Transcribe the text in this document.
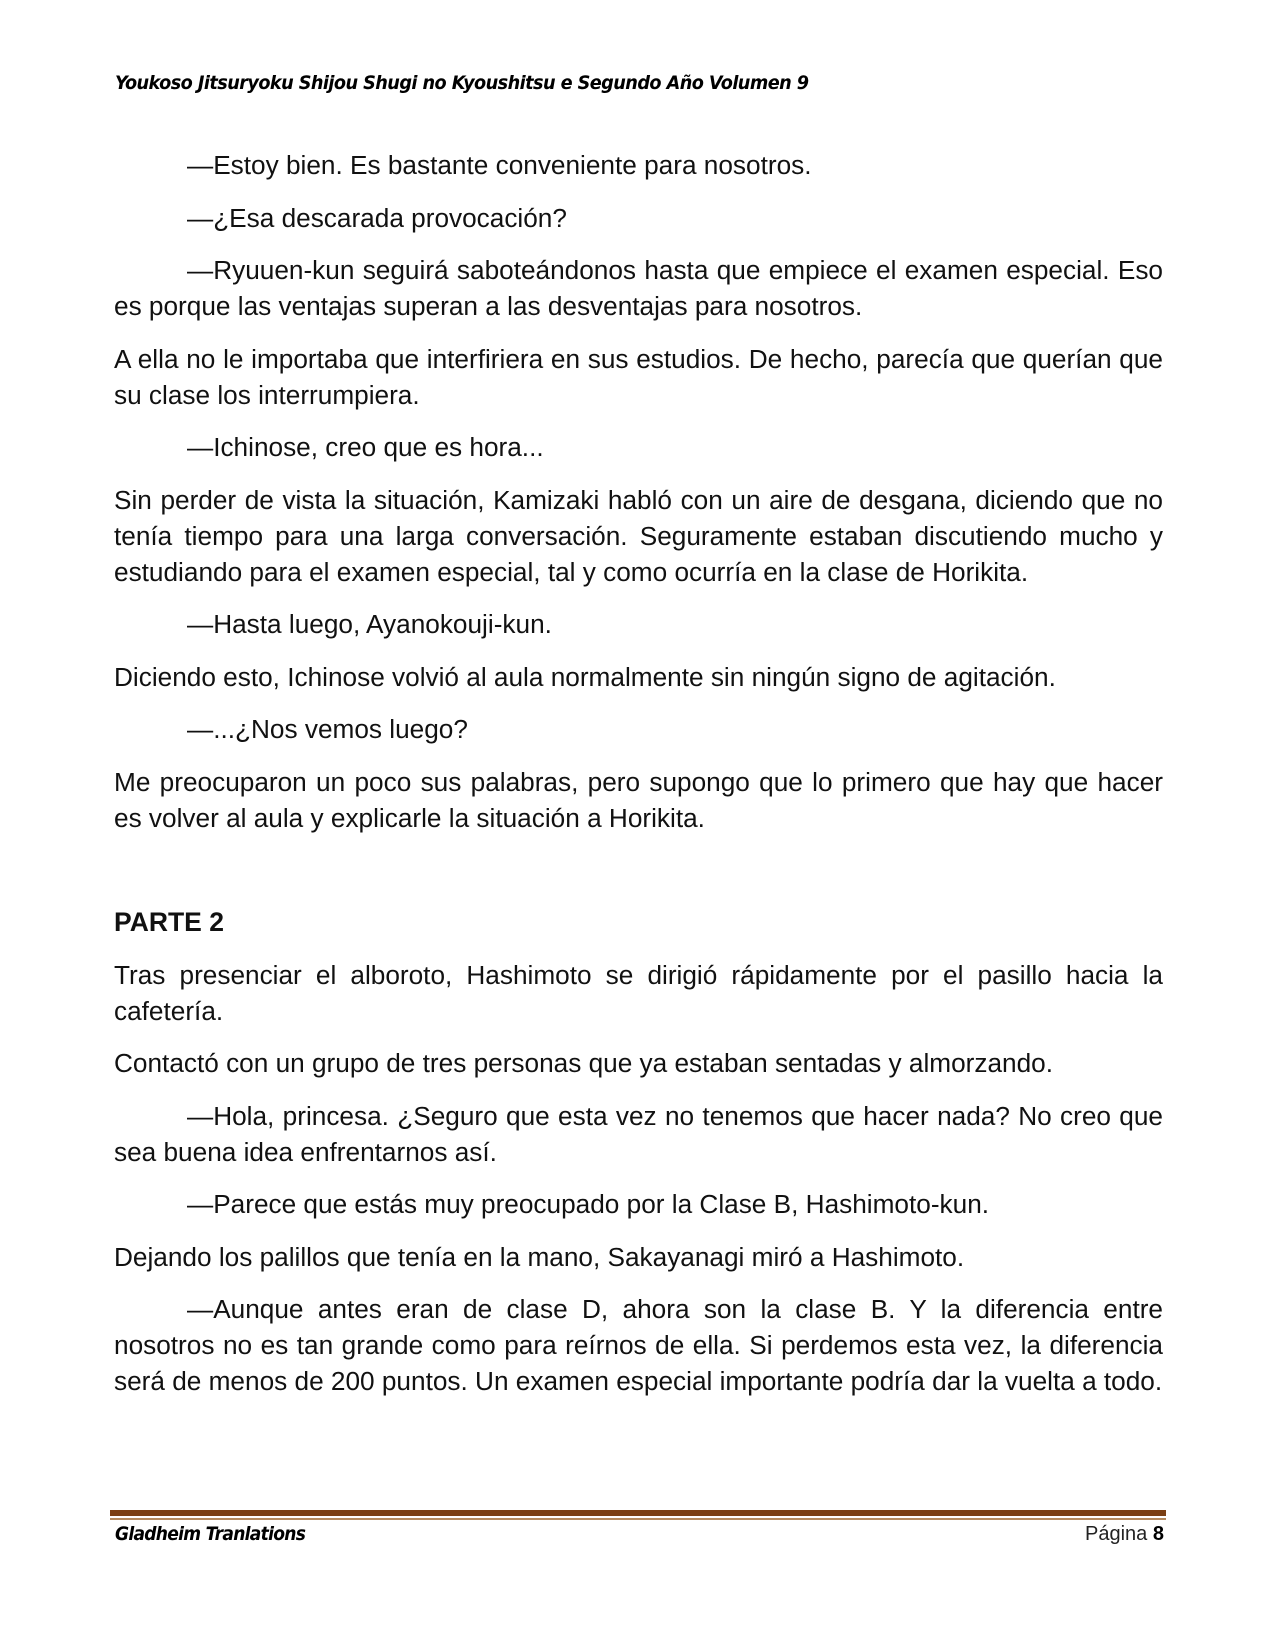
Youkoso Jitsuryoku Shijou Shugi no Kyoushitsu e Segundo Año Volumen 9

—Estoy bien. Es bastante conveniente para nosotros.

—¿Esa descarada provocación?

—Ryuuen-kun seguirá saboteándonos hasta que empiece el examen especial. Eso es porque las ventajas superan a las desventajas para nosotros.

A ella no le importaba que interfiriera en sus estudios. De hecho, parecía que querían que su clase los interrumpiera.

—Ichinose, creo que es hora...

Sin perder de vista la situación, Kamizaki habló con un aire de desgana, diciendo que no tenía tiempo para una larga conversación. Seguramente estaban discutiendo mucho y estudiando para el examen especial, tal y como ocurría en la clase de Horikita.

—Hasta luego, Ayanokouji-kun.

Diciendo esto, Ichinose volvió al aula normalmente sin ningún signo de agitación.

—...¿Nos vemos luego?

Me preocuparon un poco sus palabras, pero supongo que lo primero que hay que hacer es volver al aula y explicarle la situación a Horikita.

PARTE 2

Tras presenciar el alboroto, Hashimoto se dirigió rápidamente por el pasillo hacia la cafetería.

Contactó con un grupo de tres personas que ya estaban sentadas y almorzando.

—Hola, princesa. ¿Seguro que esta vez no tenemos que hacer nada? No creo que sea buena idea enfrentarnos así.

—Parece que estás muy preocupado por la Clase B, Hashimoto-kun.

Dejando los palillos que tenía en la mano, Sakayanagi miró a Hashimoto.

—Aunque antes eran de clase D, ahora son la clase B. Y la diferencia entre nosotros no es tan grande como para reírnos de ella. Si perdemos esta vez, la diferencia será de menos de 200 puntos. Un examen especial importante podría dar la vuelta a todo.

Gladheim Tranlations	Página 8
